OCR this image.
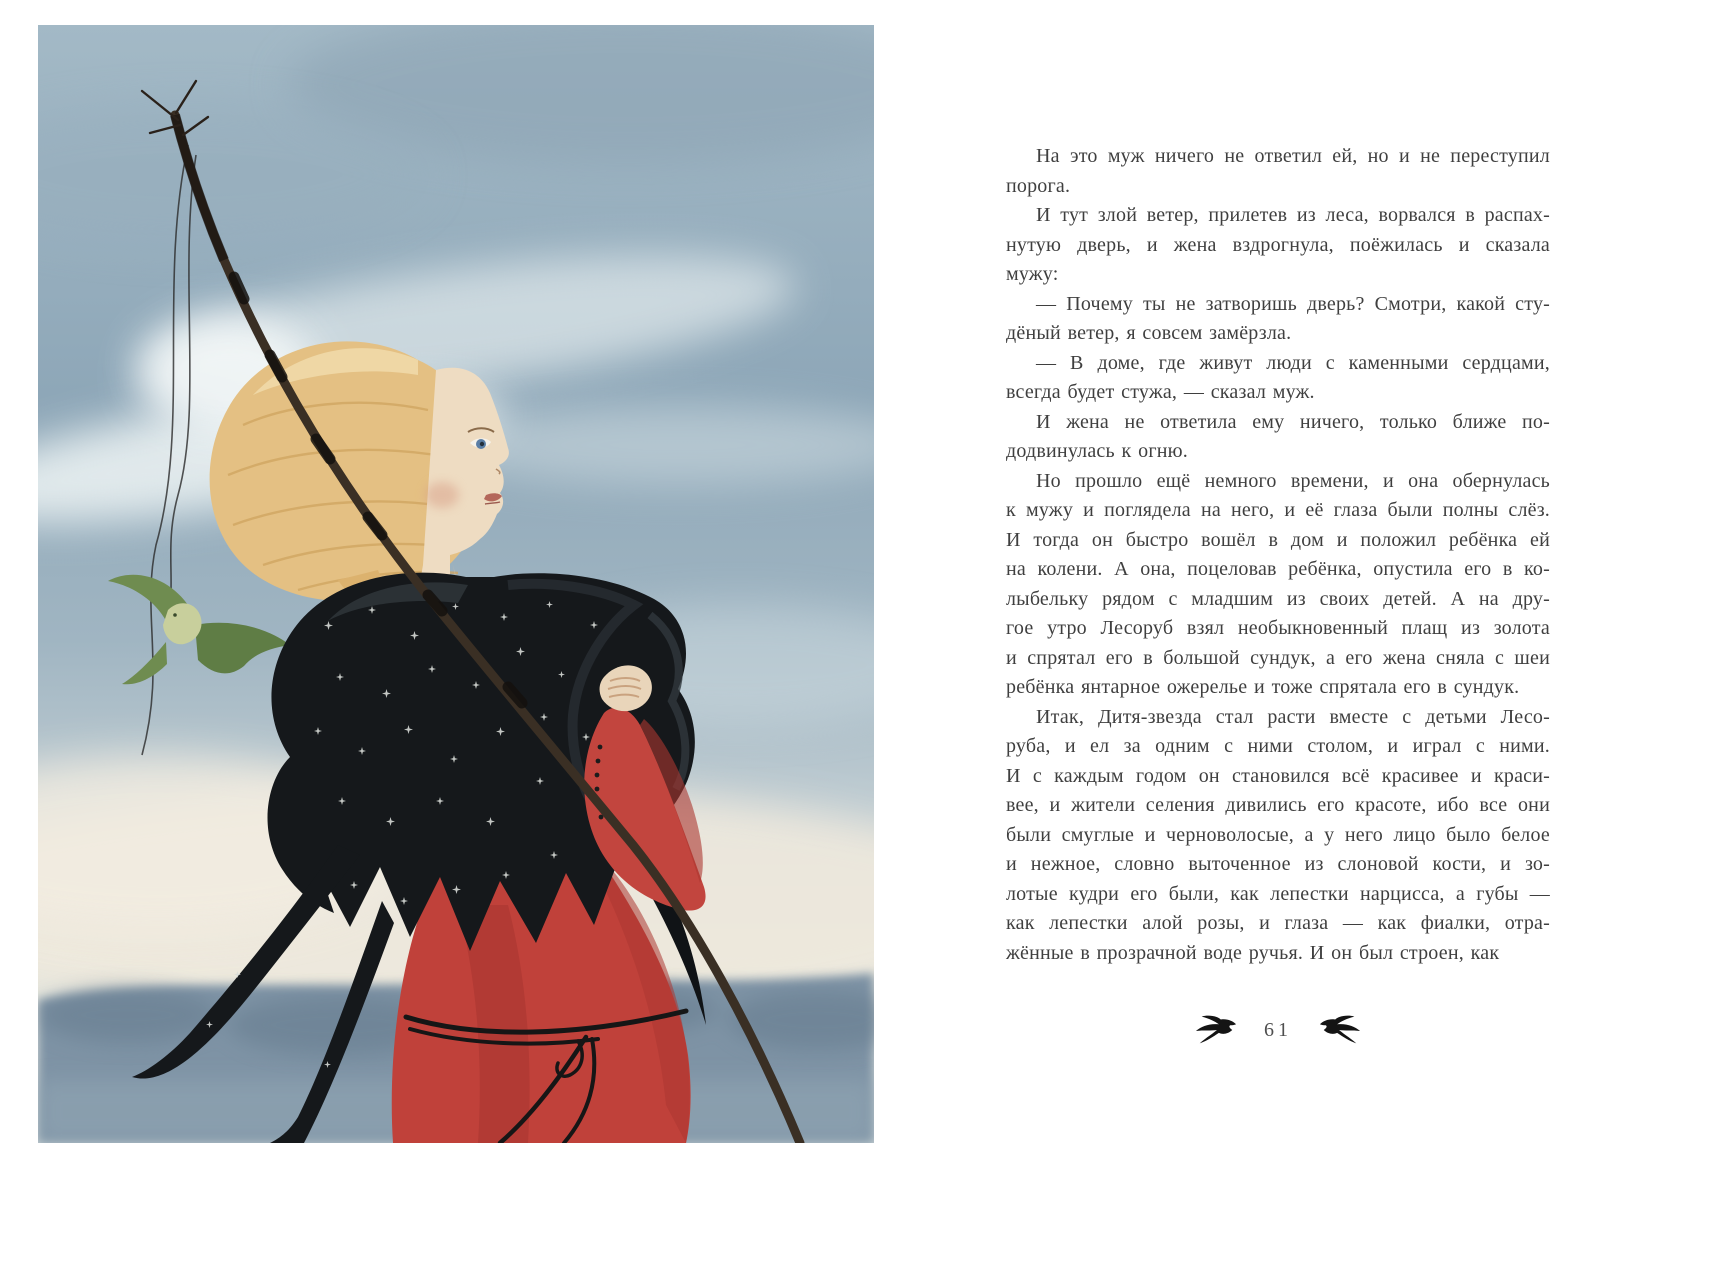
На это муж ничего не ответил ей, но и не переступил
порога.
И тут злой ветер, прилетев из леса, ворвался в распах-
нутую дверь, и жена вздрогнула, поёжилась и сказала
мужу:
— Почему ты не затворишь дверь? Смотри, какой сту-
дёный ветер, я совсем замёрзла.
— В доме, где живут люди с каменными сердцами,
всегда будет стужа, — сказал муж.
И жена не ответила ему ничего, только ближе по-
додвинулась к огню.
Но прошло ещё немного времени, и она обернулась
к мужу и поглядела на него, и её глаза были полны слёз.
И тогда он быстро вошёл в дом и положил ребёнка ей
на колени. А она, поцеловав ребёнка, опустила его в ко-
лыбельку рядом с младшим из своих детей. А на дру-
гое утро Лесоруб взял необыкновенный плащ из золота
и спрятал его в большой сундук, а его жена сняла с шеи
ребёнка янтарное ожерелье и тоже спрятала его в сундук.
Итак, Дитя-звезда стал расти вместе с детьми Лесо-
руба, и ел за одним с ними столом, и играл с ними.
И с каждым годом он становился всё красивее и краси-
вее, и жители селения дивились его красоте, ибо все они
были смуглые и черноволосые, а у него лицо было белое
и нежное, словно выточенное из слоновой кости, и зо-
лотые кудри его были, как лепестки нарцисса, а губы —
как лепестки алой розы, и глаза — как фиалки, отра-
жённые в прозрачной воде ручья. И он был строен, как
61
